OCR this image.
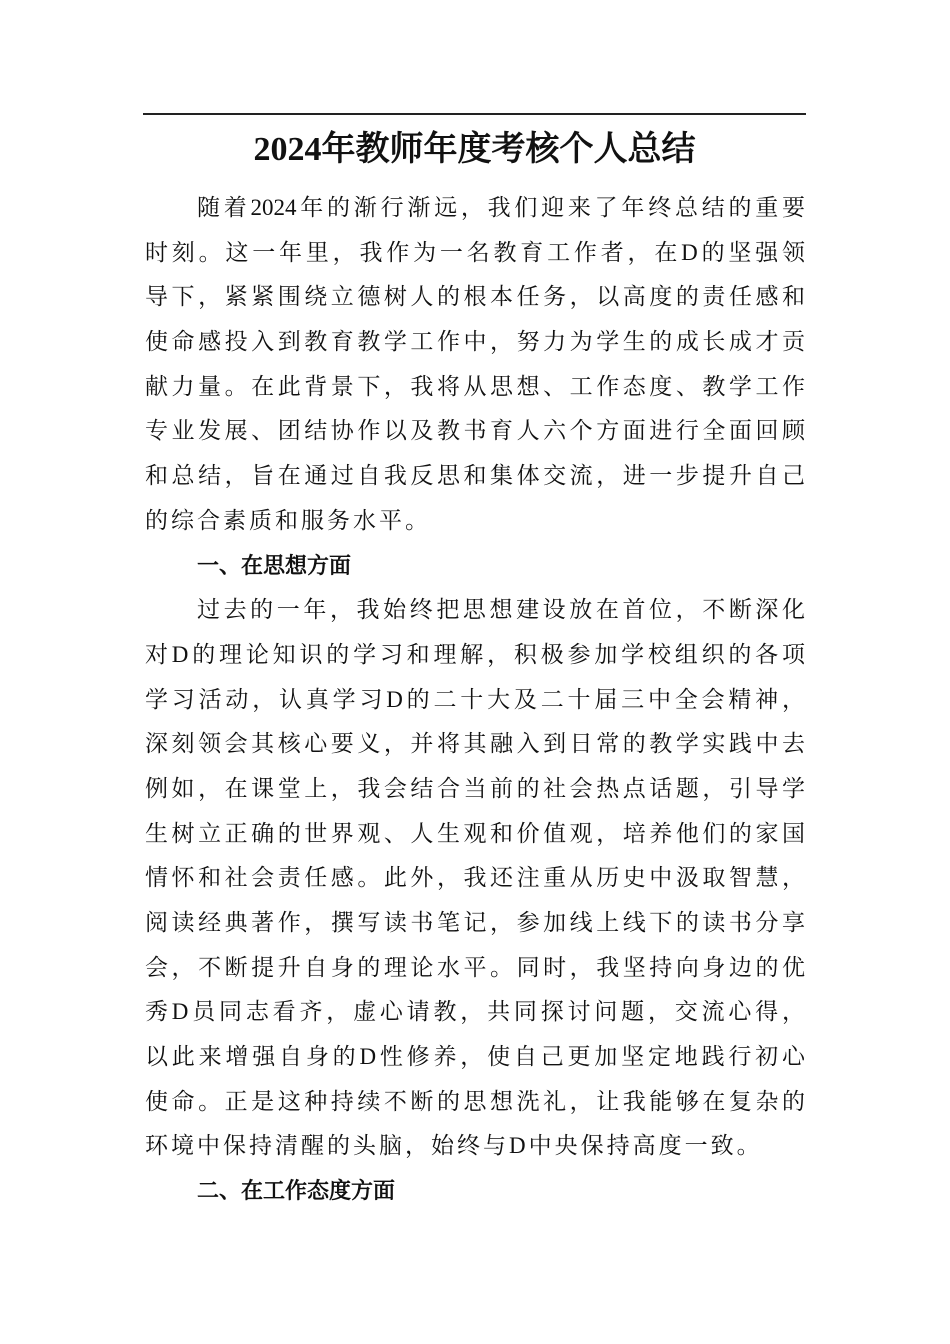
2024年教师年度考核个人总结
随着2024年的渐行渐远，我们迎来了年终总结的重要
时刻。这一年里，我作为一名教育工作者，在D的坚强领
导下，紧紧围绕立德树人的根本任务，以高度的责任感和
使命感投入到教育教学工作中，努力为学生的成长成才贡
献力量。在此背景下，我将从思想、工作态度、教学工作
专业发展、团结协作以及教书育人六个方面进行全面回顾
和总结，旨在通过自我反思和集体交流，进一步提升自己
的综合素质和服务水平。
一、在思想方面
过去的一年，我始终把思想建设放在首位，不断深化
对D的理论知识的学习和理解，积极参加学校组织的各项
学习活动，认真学习D的二十大及二十届三中全会精神，
深刻领会其核心要义，并将其融入到日常的教学实践中去
例如，在课堂上，我会结合当前的社会热点话题，引导学
生树立正确的世界观、人生观和价值观，培养他们的家国
情怀和社会责任感。此外，我还注重从历史中汲取智慧，
阅读经典著作，撰写读书笔记，参加线上线下的读书分享
会，不断提升自身的理论水平。同时，我坚持向身边的优
秀D员同志看齐，虚心请教，共同探讨问题，交流心得，
以此来增强自身的D性修养，使自己更加坚定地践行初心
使命。正是这种持续不断的思想洗礼，让我能够在复杂的
环境中保持清醒的头脑，始终与D中央保持高度一致。
二、在工作态度方面
